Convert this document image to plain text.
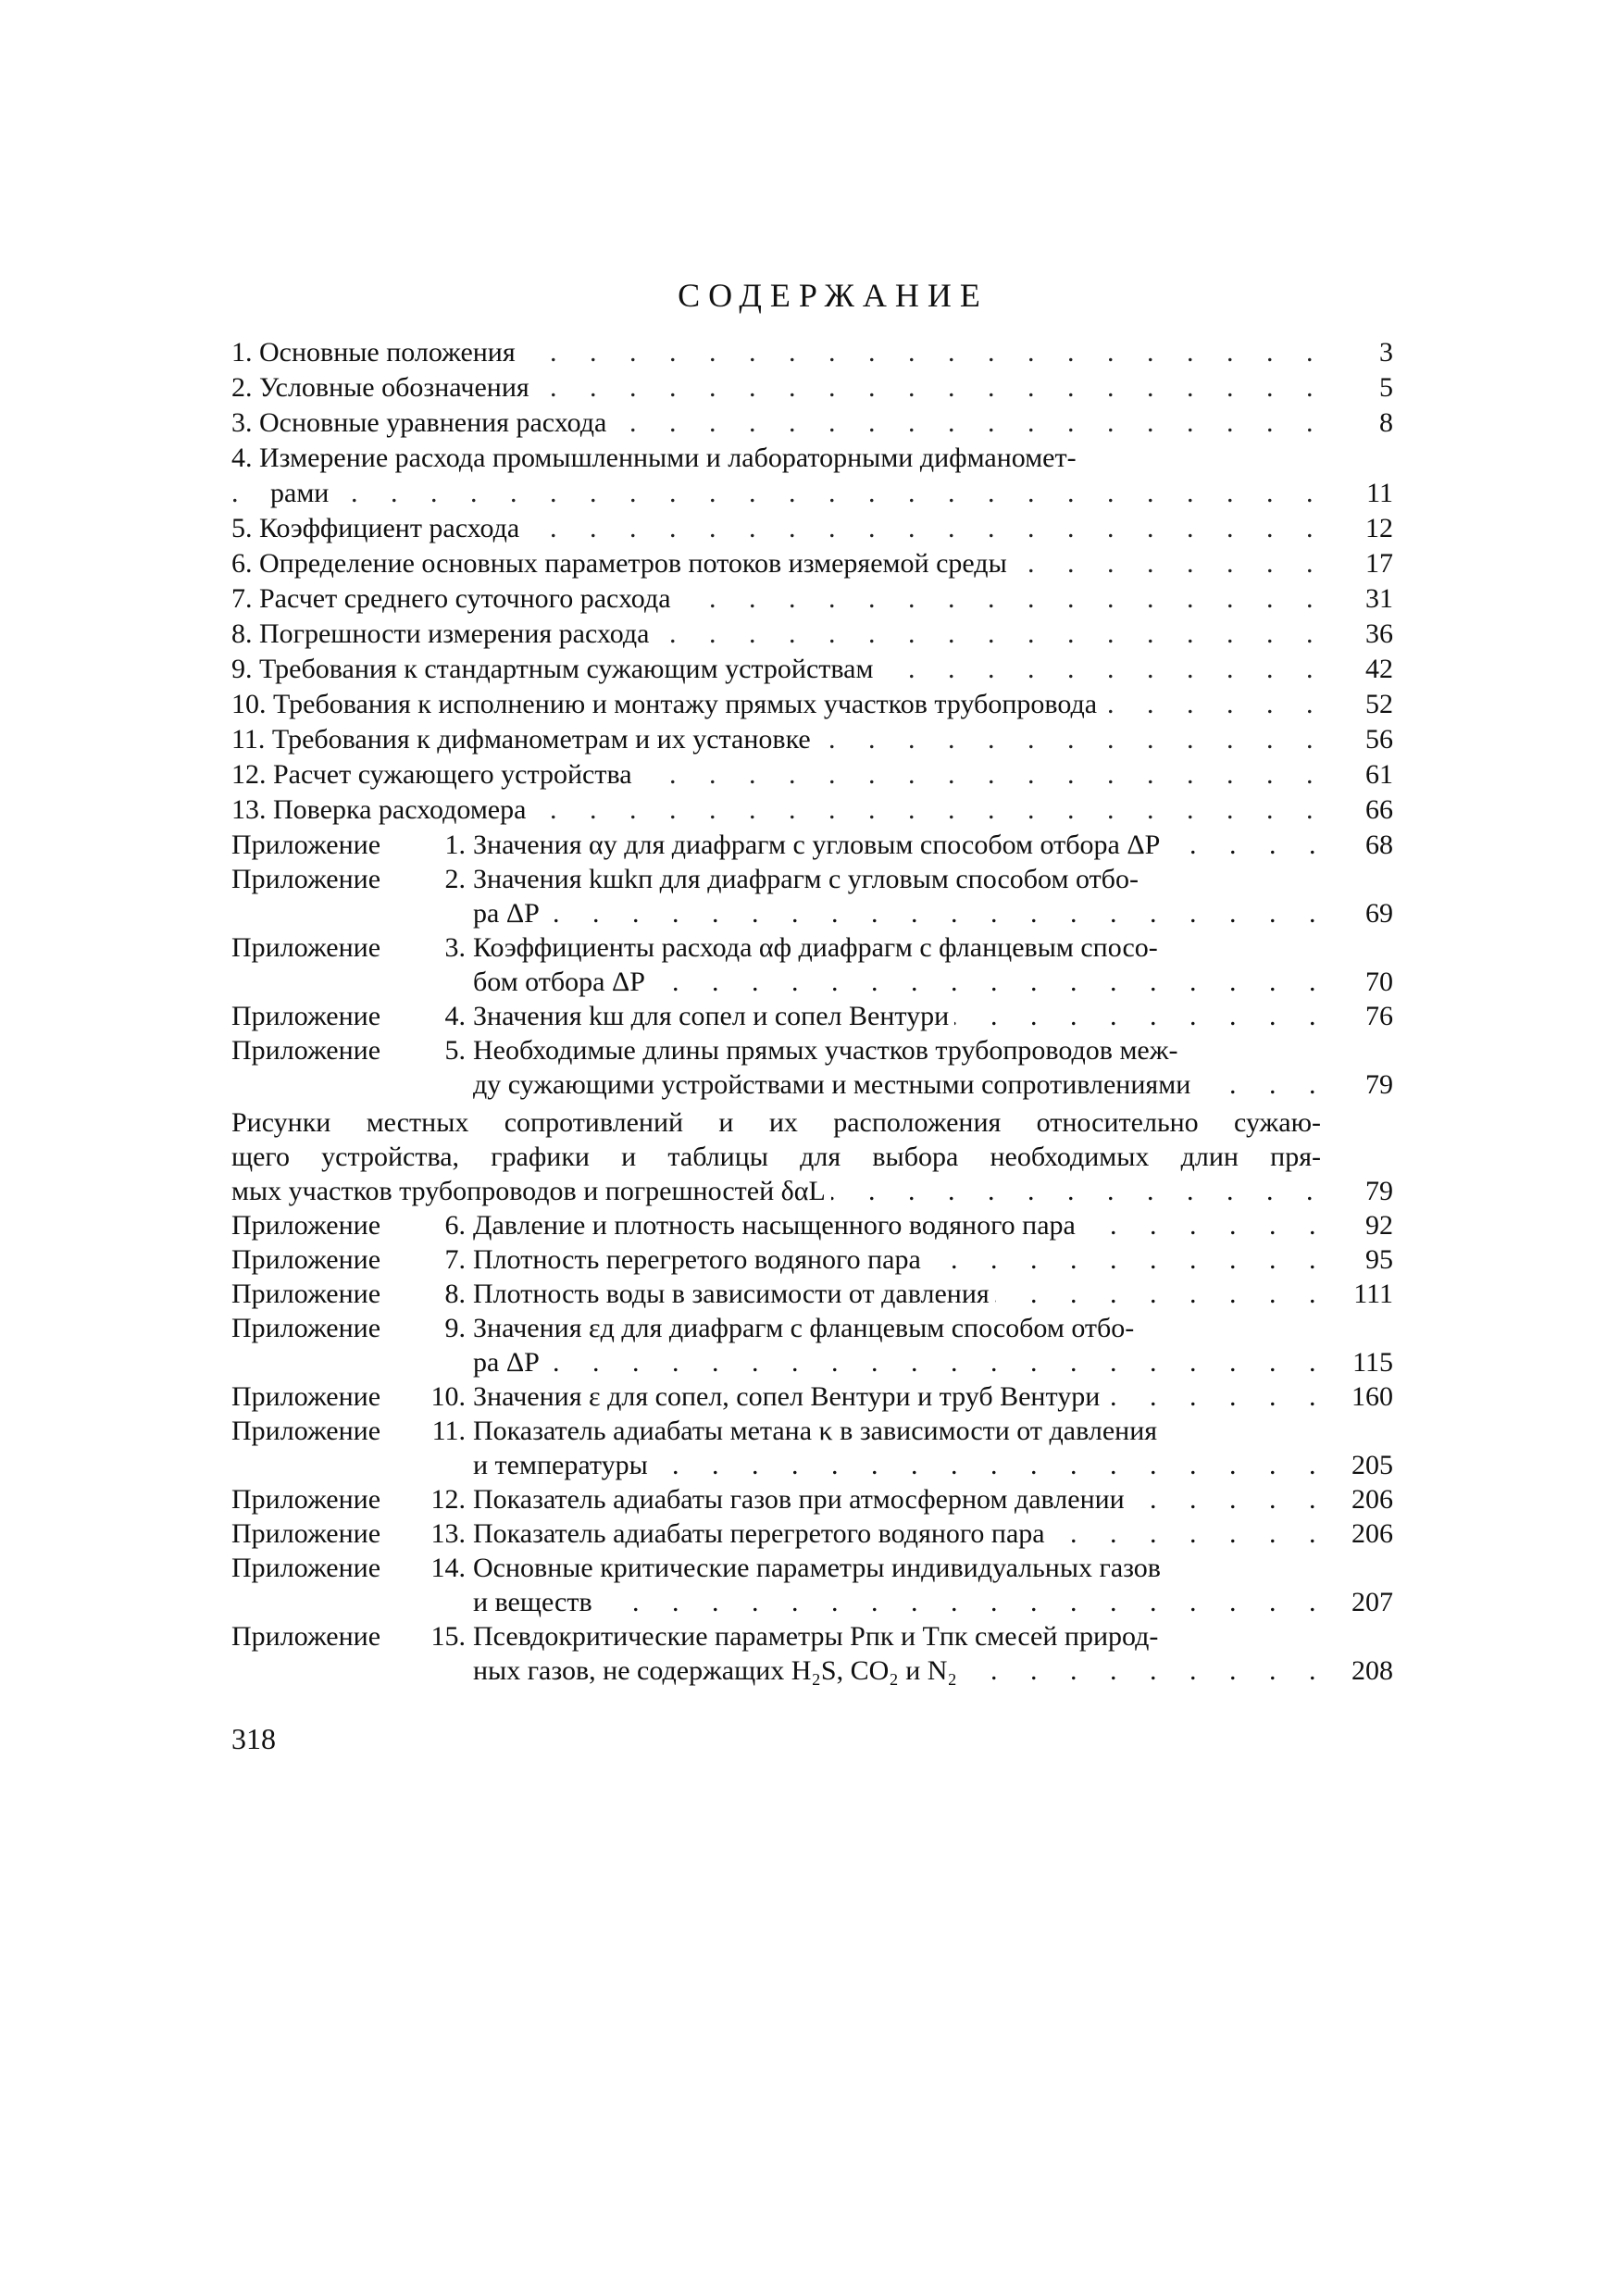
СОДЕРЖАНИЕ
1. Основные положения . . .	3
2. Условные обозначения . . .	5
3. Основные уравнения расхода . . .	8
4. Измерение расхода промышленными и лабораторными дифманомет-
рами . . .	11
5. Коэффициент расхода . . .	12
6. Определение основных параметров потоков измеряемой среды . . .	17
7. Расчет среднего суточного расхода . . .	31
8. Погрешности измерения расхода . . .	36
9. Требования к стандартным сужающим устройствам . . .	42
10. Требования к исполнению и монтажу прямых участков трубопровода . . .	52
11. Требования к дифманометрам и их установке . . .	56
12. Расчет сужающего устройства . . .	61
13. Поверка расходомера . . .	66
Приложение	1. Значения αу для диафрагм с угловым способом отбора ΔP . . .	68
Приложение	2. Значения kшkп для диафрагм с угловым способом отбо-
ра ΔP . . .	69
Приложение	3. Коэффициенты расхода αф диафрагм с фланцевым спосо-
бом отбора ΔP . . .	70
Приложение	4. Значения kш для сопел и сопел Вентури . . .	76
Приложение	5. Необходимые длины прямых участков трубопроводов меж-
ду сужающими устройствами и местными сопротивлениями . . .	79
Рисунки местных сопротивлений и их расположения относительно сужаю-
щего устройства, графики и таблицы для выбора необходимых длин пря-
мых участков трубопроводов и погрешностей δαL . . .	79
Приложение	6. Давление и плотность насыщенного водяного пара . . .	92
Приложение	7. Плотность перегретого водяного пара . . .	95
Приложение	8. Плотность воды в зависимости от давления . . .	111
Приложение	9. Значения εд для диафрагм с фланцевым способом отбо-
ра ΔP . . .	115
Приложение	10. Значения ε для сопел, сопел Вентури и труб Вентури . . .	160
Приложение	11. Показатель адиабаты метана κ в зависимости от давления
и температуры . . .	205
Приложение	12. Показатель адиабаты газов при атмосферном давлении . . .	206
Приложение	13. Показатель адиабаты перегретого водяного пара . . .	206
Приложение	14. Основные критические параметры индивидуальных газов
и веществ . . .	207
Приложение	15. Псевдокритические параметры Pпк и Tпк смесей природ-
ных газов, не содержащих H₂S, CO₂ и N₂ . . .	208
318
